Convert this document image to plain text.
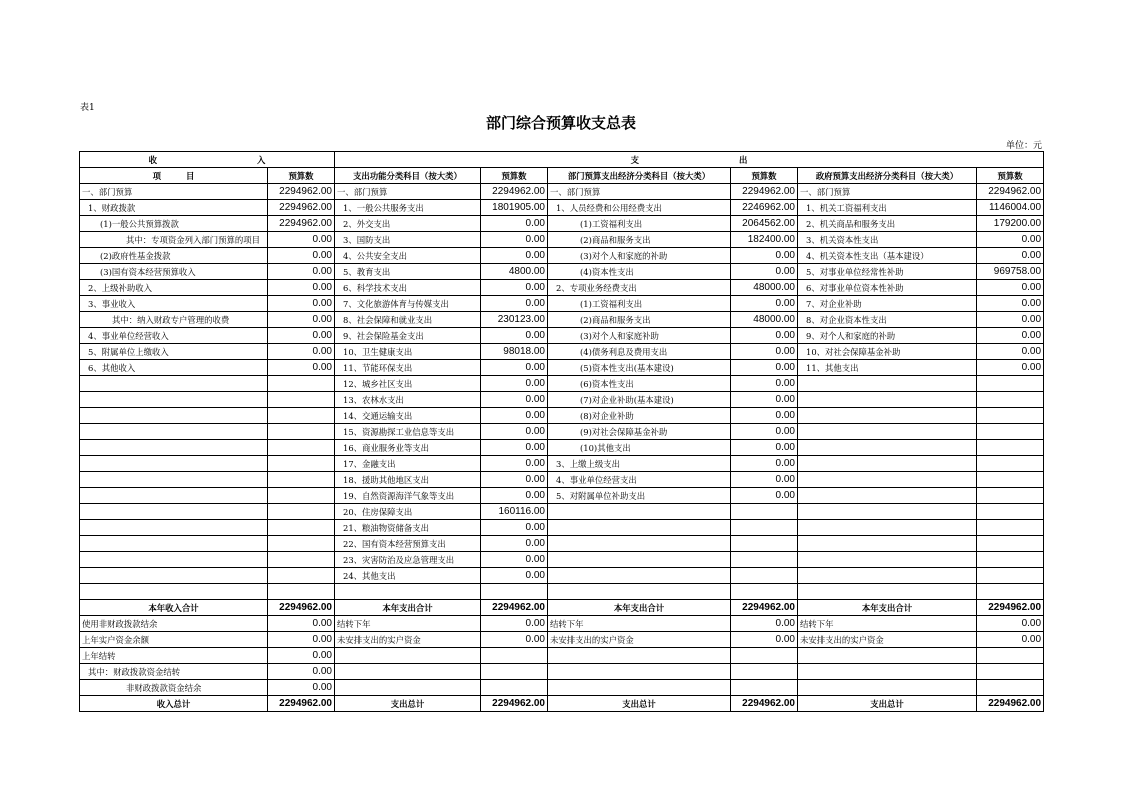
表1
部门综合预算收支总表
单位：元
收 入		支 出					
项　　　目	预算数	支出功能分类科目（按大类）	预算数	部门预算支出经济分类科目（按大类）	预算数	政府预算支出经济分类科目（按大类）	预算数
一、部门预算	2294962.00	一、部门预算	2294962.00	一、部门预算	2294962.00	一、部门预算	2294962.00
1、财政拨款	2294962.00	1、一般公共服务支出	1801905.00	1、人员经费和公用经费支出	2246962.00	1、机关工资福利支出	1146004.00
(1)一般公共预算拨款	2294962.00	2、外交支出	0.00	(1)工资福利支出	2064562.00	2、机关商品和服务支出	179200.00
其中：专项资金列入部门预算的项目	0.00	3、国防支出	0.00	(2)商品和服务支出	182400.00	3、机关资本性支出	0.00
(2)政府性基金拨款	0.00	4、公共安全支出	0.00	(3)对个人和家庭的补助	0.00	4、机关资本性支出（基本建设）	0.00
(3)国有资本经营预算收入	0.00	5、教育支出	4800.00	(4)资本性支出	0.00	5、对事业单位经常性补助	969758.00
2、上级补助收入	0.00	6、科学技术支出	0.00	2、专项业务经费支出	48000.00	6、对事业单位资本性补助	0.00
3、事业收入	0.00	7、文化旅游体育与传媒支出	0.00	(1)工资福利支出	0.00	7、对企业补助	0.00
其中：纳入财政专户管理的收费	0.00	8、社会保障和就业支出	230123.00	(2)商品和服务支出	48000.00	8、对企业资本性支出	0.00
4、事业单位经营收入	0.00	9、社会保险基金支出	0.00	(3)对个人和家庭补助	0.00	9、对个人和家庭的补助	0.00
5、附属单位上缴收入	0.00	10、卫生健康支出	98018.00	(4)债务利息及费用支出	0.00	10、对社会保障基金补助	0.00
6、其他收入	0.00	11、节能环保支出	0.00	(5)资本性支出(基本建设)	0.00	11、其他支出	0.00
		12、城乡社区支出	0.00	(6)资本性支出	0.00		
		13、农林水支出	0.00	(7)对企业补助(基本建设)	0.00		
		14、交通运输支出	0.00	(8)对企业补助	0.00		
		15、资源勘探工业信息等支出	0.00	(9)对社会保障基金补助	0.00		
		16、商业服务业等支出	0.00	(10)其他支出	0.00		
		17、金融支出	0.00	3、上缴上级支出	0.00		
		18、援助其他地区支出	0.00	4、事业单位经营支出	0.00		
		19、自然资源海洋气象等支出	0.00	5、对附属单位补助支出	0.00		
		20、住房保障支出	160116.00				
		21、粮油物资储备支出	0.00				
		22、国有资本经营预算支出	0.00				
		23、灾害防治及应急管理支出	0.00				
		24、其他支出	0.00				

本年收入合计	2294962.00	本年支出合计	2294962.00	本年支出合计	2294962.00	本年支出合计	2294962.00
使用非财政拨款结余	0.00	结转下年	0.00	结转下年	0.00	结转下年	0.00
上年实户资金余额	0.00	未安排支出的实户资金	0.00	未安排支出的实户资金	0.00	未安排支出的实户资金	0.00
上年结转	0.00						
其中：财政拨款资金结转	0.00						
非财政拨款资金结余	0.00						
收入总计	2294962.00	支出总计	2294962.00	支出总计	2294962.00	支出总计	2294962.00
